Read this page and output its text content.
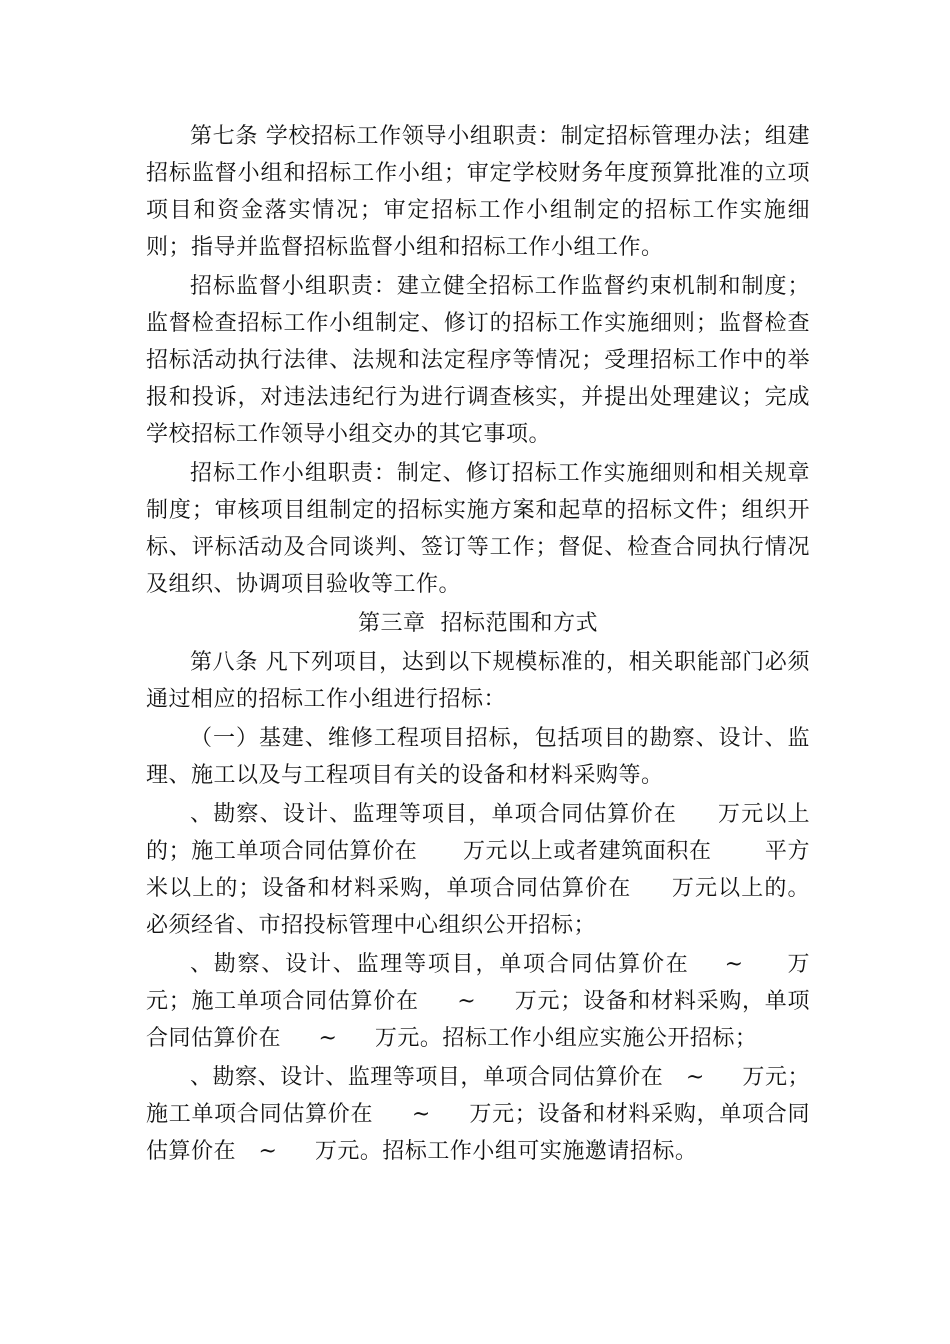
第七条 学校招标工作领导小组职责：制定招标管理办法；组建招标监督小组和招标工作小组；审定学校财务年度预算批准的立项项目和资金落实情况；审定招标工作小组制定的招标工作实施细则；指导并监督招标监督小组和招标工作小组工作。

招标监督小组职责：建立健全招标工作监督约束机制和制度；监督检查招标工作小组制定、修订的招标工作实施细则；监督检查招标活动执行法律、法规和法定程序等情况；受理招标工作中的举报和投诉，对违法违纪行为进行调查核实，并提出处理建议；完成学校招标工作领导小组交办的其它事项。

招标工作小组职责：制定、修订招标工作实施细则和相关规章制度；审核项目组制定的招标实施方案和起草的招标文件；组织开标、评标活动及合同谈判、签订等工作；督促、检查合同执行情况及组织、协调项目验收等工作。

第三章  招标范围和方式

第八条 凡下列项目，达到以下规模标准的，相关职能部门必须通过相应的招标工作小组进行招标：

（一）基建、维修工程项目招标，包括项目的勘察、设计、监理、施工以及与工程项目有关的设备和材料采购等。

、勘察、设计、监理等项目，单项合同估算价在     万元以上的；施工单项合同估算价在      万元以上或者建筑面积在       平方米以上的；设备和材料采购，单项合同估算价在     万元以上的。必须经省、市招投标管理中心组织公开招标；

、勘察、设计、监理等项目，单项合同估算价在    ~     万元；施工单项合同估算价在     ~     万元；设备和材料采购，单项合同估算价在     ~     万元。招标工作小组应实施公开招标；

、勘察、设计、监理等项目，单项合同估算价在   ~     万元；施工单项合同估算价在     ~     万元；设备和材料采购，单项合同估算价在   ~     万元。招标工作小组可实施邀请招标。
